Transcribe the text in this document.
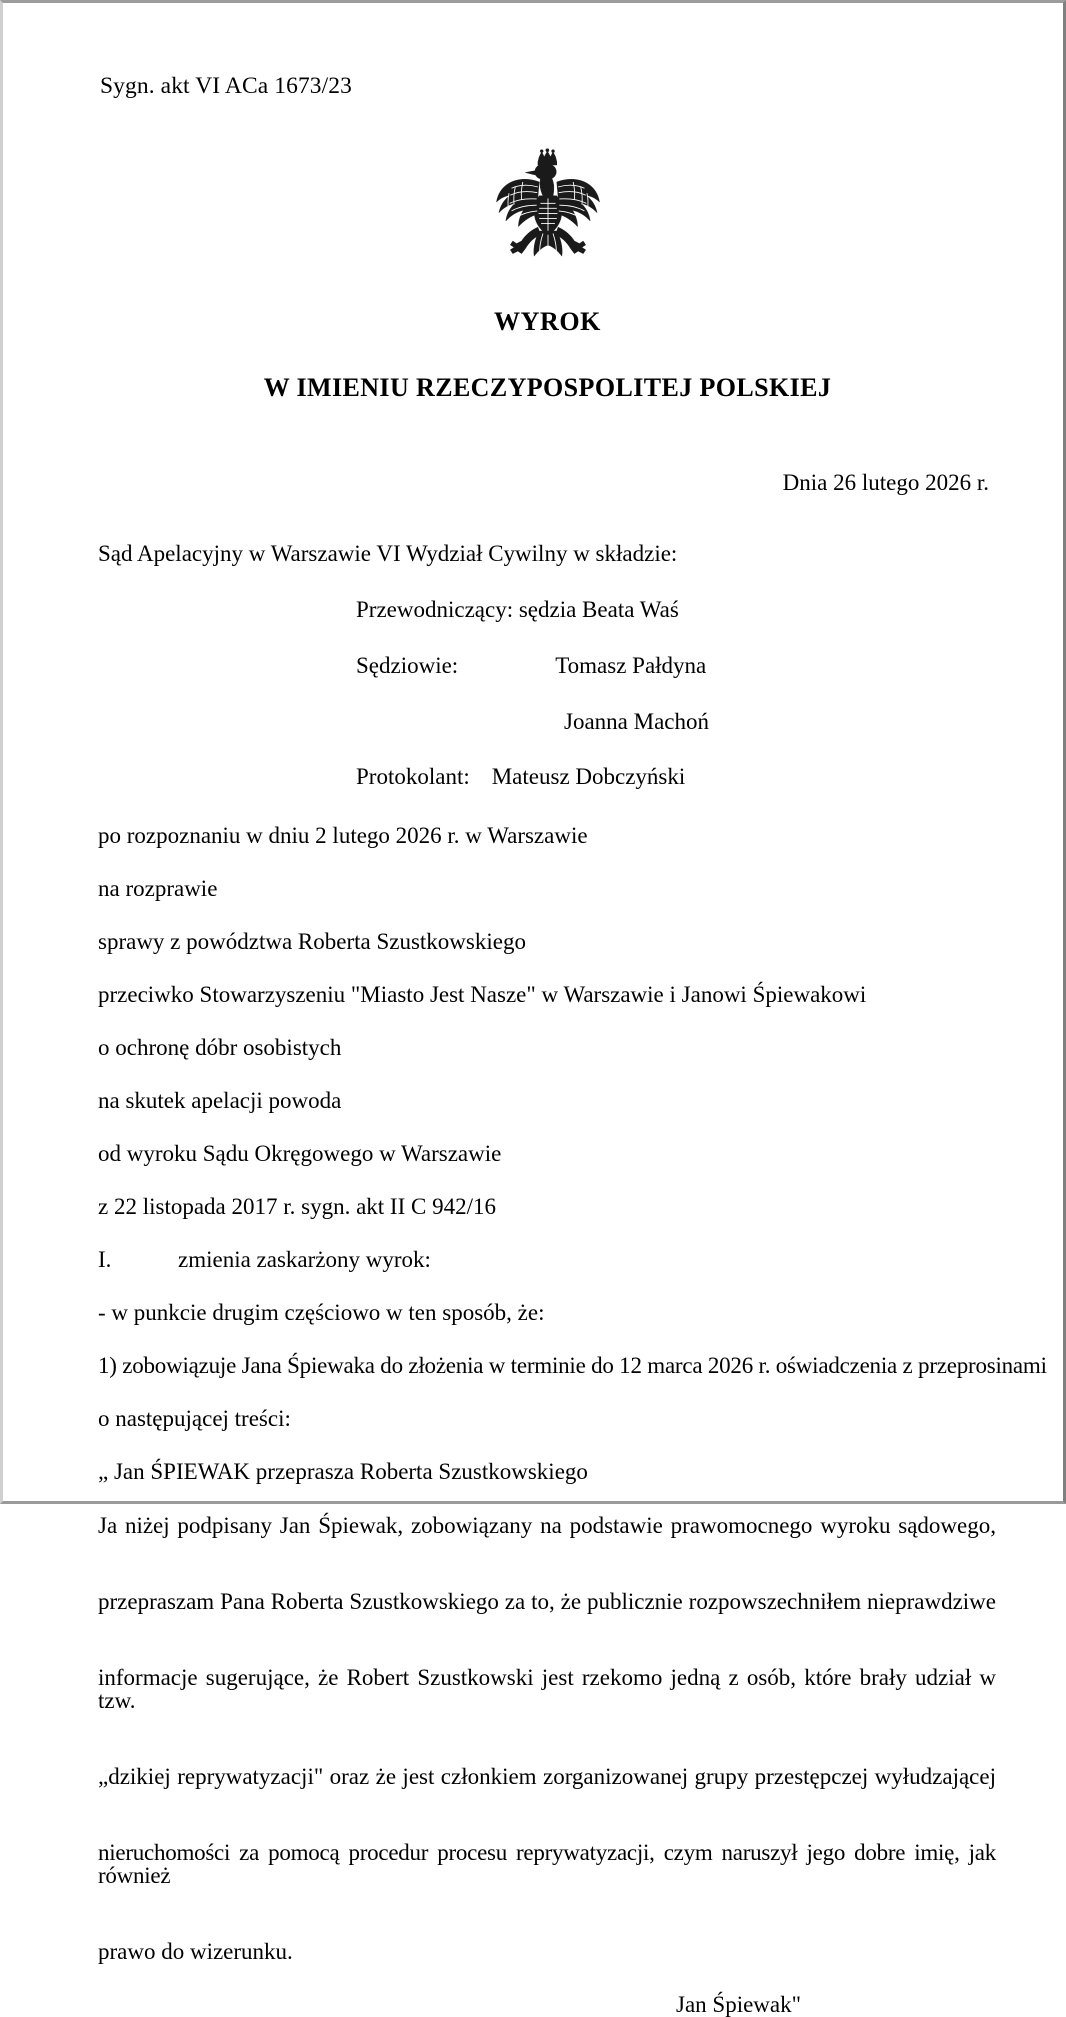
Sygn. akt VI ACa 1673/23
WYROK
W IMIENIU RZECZYPOSPOLITEJ POLSKIEJ
Dnia 26 lutego 2026 r.
Sąd Apelacyjny w Warszawie VI Wydział Cywilny w składzie:
Przewodniczący: sędzia Beata Waś
Sędziowie:	Tomasz Pałdyna
Joanna Machoń
Protokolant: Mateusz Dobczyński
po rozpoznaniu w dniu 2 lutego 2026 r. w Warszawie
na rozprawie
sprawy z powództwa Roberta Szustkowskiego
przeciwko Stowarzyszeniu "Miasto Jest Nasze" w Warszawie i Janowi Śpiewakowi
o ochronę dóbr osobistych
na skutek apelacji powoda
od wyroku Sądu Okręgowego w Warszawie
z 22 listopada 2017 r. sygn. akt II C 942/16
I.	zmienia zaskarżony wyrok:
- w punkcie drugim częściowo w ten sposób, że:
1) zobowiązuje Jana Śpiewaka do złożenia w terminie do 12 marca 2026 r. oświadczenia z przeprosinami
o następującej treści:
„ Jan ŚPIEWAK przeprasza Roberta Szustkowskiego
Ja niżej podpisany Jan Śpiewak, zobowiązany na podstawie prawomocnego wyroku sądowego,
przepraszam Pana Roberta Szustkowskiego za to, że publicznie rozpowszechniłem nieprawdziwe
informacje sugerujące, że Robert Szustkowski jest rzekomo jedną z osób, które brały udział w tzw.
„dzikiej reprywatyzacji" oraz że jest członkiem zorganizowanej grupy przestępczej wyłudzającej
nieruchomości za pomocą procedur procesu reprywatyzacji, czym naruszył jego dobre imię, jak również
prawo do wizerunku.
Jan Śpiewak"
